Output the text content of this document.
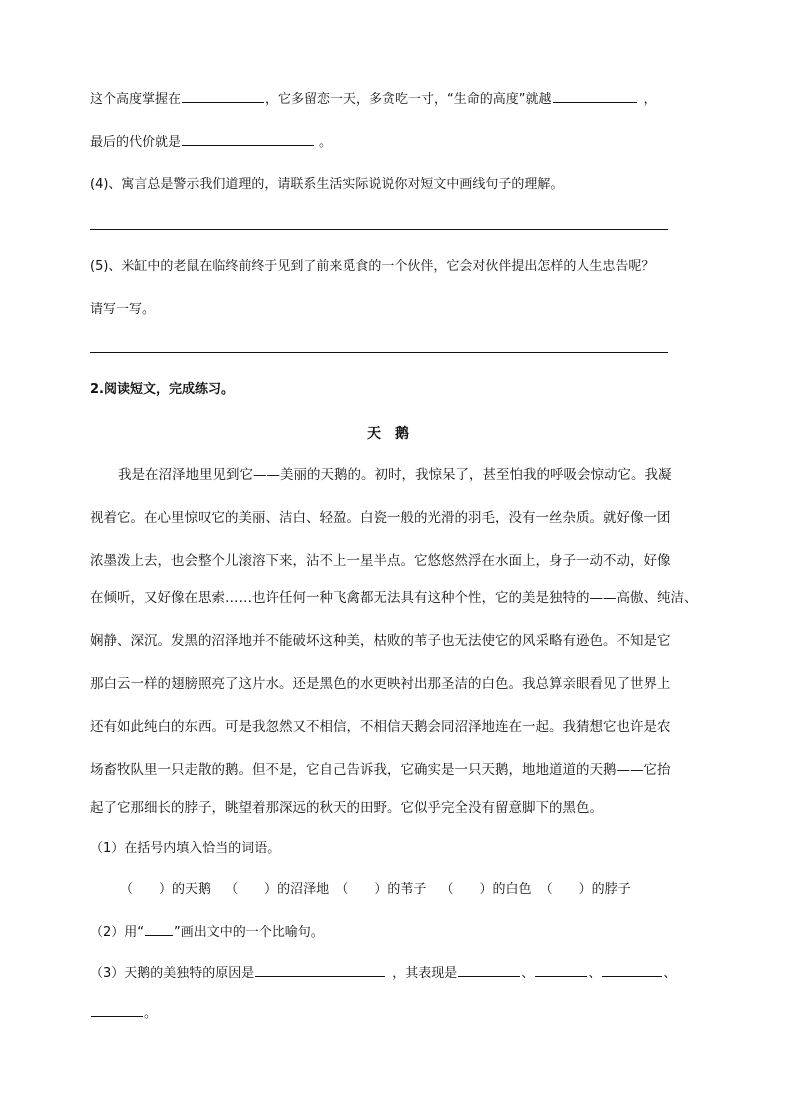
这个高度掌握在	，它多留恋一天，多贪吃一寸，“生命的高度”就越	，
最后的代价就是	。
(4)、寓言总是警示我们道理的，请联系生活实际说说你对短文中画线句子的理解。
(5)、米缸中的老鼠在临终前终于见到了前来觅食的一个伙伴，它会对伙伴提出怎样的人生忠告呢？
请写一写。
2.阅读短文，完成练习。
天鹅
我是在沼泽地里见到它——美丽的天鹅的。初时，我惊呆了，甚至怕我的呼吸会惊动它。我凝
视着它。在心里惊叹它的美丽、洁白、轻盈。白瓷一般的光滑的羽毛，没有一丝杂质。就好像一团
浓墨泼上去，也会整个儿滚溶下来，沾不上一星半点。它悠悠然浮在水面上，身子一动不动，好像
在倾听，又好像在思索……也许任何一种飞禽都无法具有这种个性，它的美是独特的——高傲、纯洁、
娴静、深沉。发黑的沼泽地并不能破坏这种美，枯败的苇子也无法使它的风采略有逊色。不知是它
那白云一样的翅膀照亮了这片水。还是黑色的水更映衬出那圣洁的白色。我总算亲眼看见了世界上
还有如此纯白的东西。可是我忽然又不相信，不相信天鹅会同沼泽地连在一起。我猜想它也许是农
场畜牧队里一只走散的鹅。但不是，它自己告诉我，它确实是一只天鹅，地地道道的天鹅——它抬
起了它那细长的脖子，眺望着那深远的秋天的田野。它似乎完全没有留意脚下的黑色。
（1）在括号内填入恰当的词语。
（　　）的天鹅 （　　）的沼泽地 （　　）的苇子 （　　）的白色 （　　）的脖子
（2）用“ ”画出文中的一个比喻句。
（3）天鹅的美独特的原因是	，其表现是	、	、	、
。
